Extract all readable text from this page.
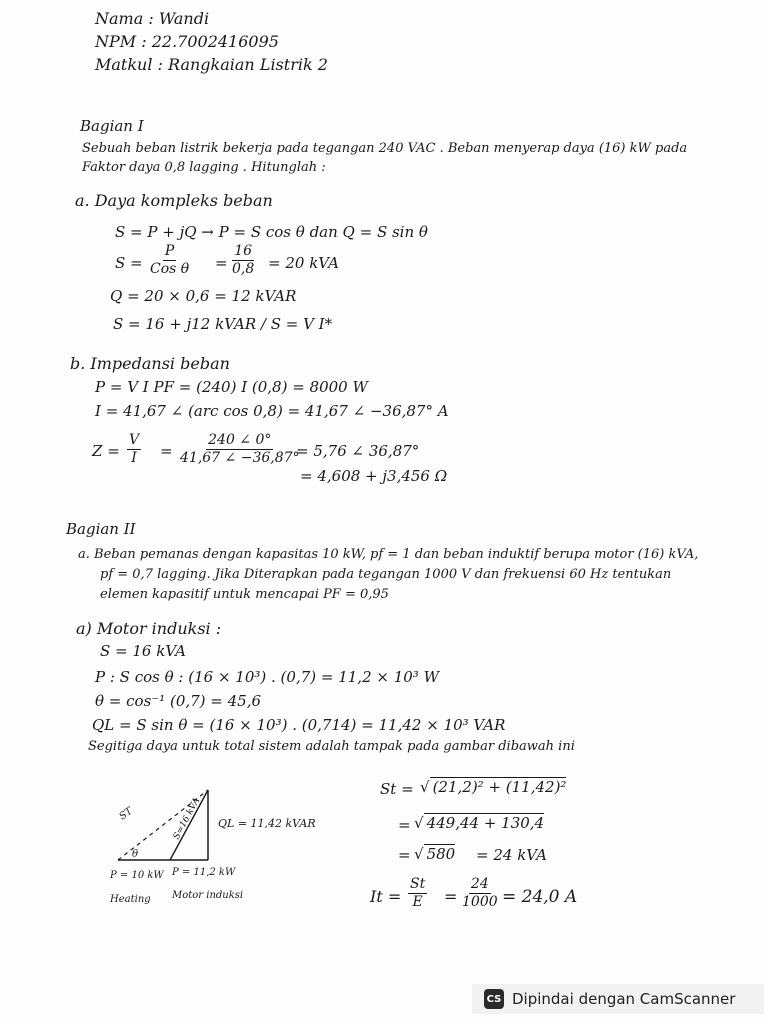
Nama : Wandi
NPM : 22.7002416095
Matkul : Rangkaian Listrik 2
Bagian I
Sebuah beban listrik bekerja pada tegangan 240 VAC . Beban menyerap daya (16) kW pada
Faktor daya 0,8 lagging . Hitunglah :
a. Daya kompleks beban
S = P + jQ → P = S cos θ dan Q = S sin θ
S =
P
Cos $\theta = \frac{16}{0,8} = 20$ kVA
Q = 20 × 0,6 = 12 kVAR
S = 16 + j12 kVAR / S = V I*
b. Impedansi beban
P = V I PF = (240) I (0,8) = 8000 W
I = 41,67 ∠ (arc cos 0,8) = 41,67 ∠ −36,87° A
$Z = \frac{V}{I} = \frac{240 \angle 0^\circ}{41,67 \angle -36,87^\circ}$
= 5,76 ∠ 36,87°
= 4,608 + j3,456 Ω
Bagian II
a. Beban pemanas dengan kapasitas 10 kW, pf = 1 dan beban induktif berupa motor (16) kVA,
pf = 0,7 lagging. Jika Diterapkan pada tegangan 1000 V dan frekuensi 60 Hz tentukan
elemen kapasitif untuk mencapai PF = 0,95
a) Motor induksi :
S = 16 kVA
P : S cos θ : (16 × 10³) . (0,7) = 11,2 × 10³ W
θ = cos⁻¹ (0,7) = 45,6
QL = S sin θ = (16 × 10³) . (0,714) = 11,42 × 10³ VAR
Segitiga daya untuk total sistem adalah tampak pada gambar dibawah ini
St = √ (21,2)² + (11,42)²
= √ 449,44 + 130,4
= √ 580 = 24 kVA
$It = \frac{St}{E} = \frac{24}{1000} = 24,0$ A
ST	S=16 kVA QL = 11,42 kVAR
θ
P = 10 kW P = 11,2 kW
Heating Motor induksi
CS Dipindai dengan CamScanner
